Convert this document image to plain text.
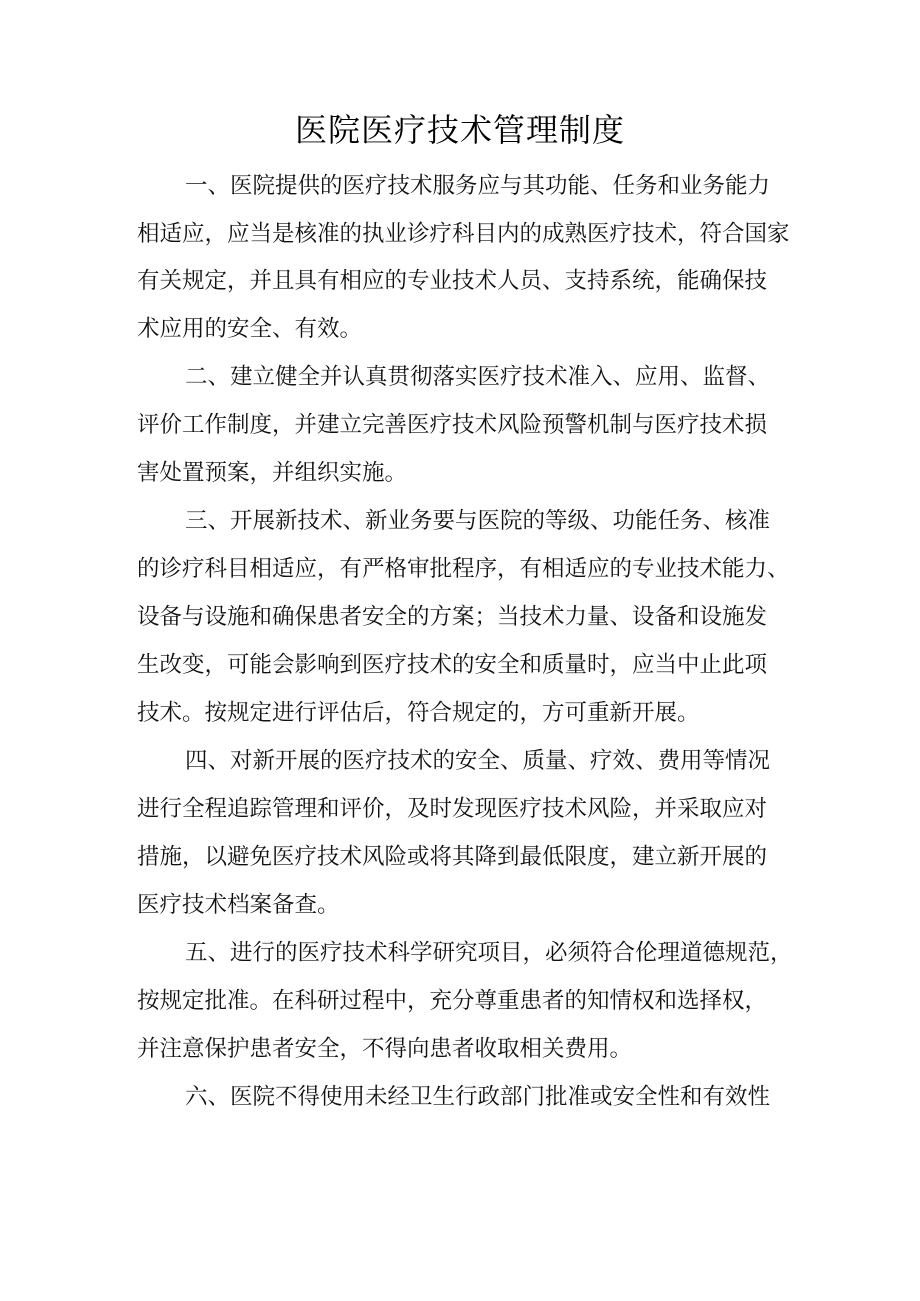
医院医疗技术管理制度

一、医院提供的医疗技术服务应与其功能、任务和业务能力

相适应，应当是核准的执业诊疗科目内的成熟医疗技术，符合国家

有关规定，并且具有相应的专业技术人员、支持系统，能确保技

术应用的安全、有效。

二、建立健全并认真贯彻落实医疗技术准入、应用、监督、

评价工作制度，并建立完善医疗技术风险预警机制与医疗技术损

害处置预案，并组织实施。

三、开展新技术、新业务要与医院的等级、功能任务、核准

的诊疗科目相适应，有严格审批程序，有相适应的专业技术能力、

设备与设施和确保患者安全的方案；当技术力量、设备和设施发

生改变，可能会影响到医疗技术的安全和质量时，应当中止此项

技术。按规定进行评估后，符合规定的，方可重新开展。

四、对新开展的医疗技术的安全、质量、疗效、费用等情况

进行全程追踪管理和评价，及时发现医疗技术风险，并采取应对

措施，以避免医疗技术风险或将其降到最低限度，建立新开展的

医疗技术档案备查。

五、进行的医疗技术科学研究项目，必须符合伦理道德规范，

按规定批准。在科研过程中，充分尊重患者的知情权和选择权，

并注意保护患者安全，不得向患者收取相关费用。

六、医院不得使用未经卫生行政部门批准或安全性和有效性
